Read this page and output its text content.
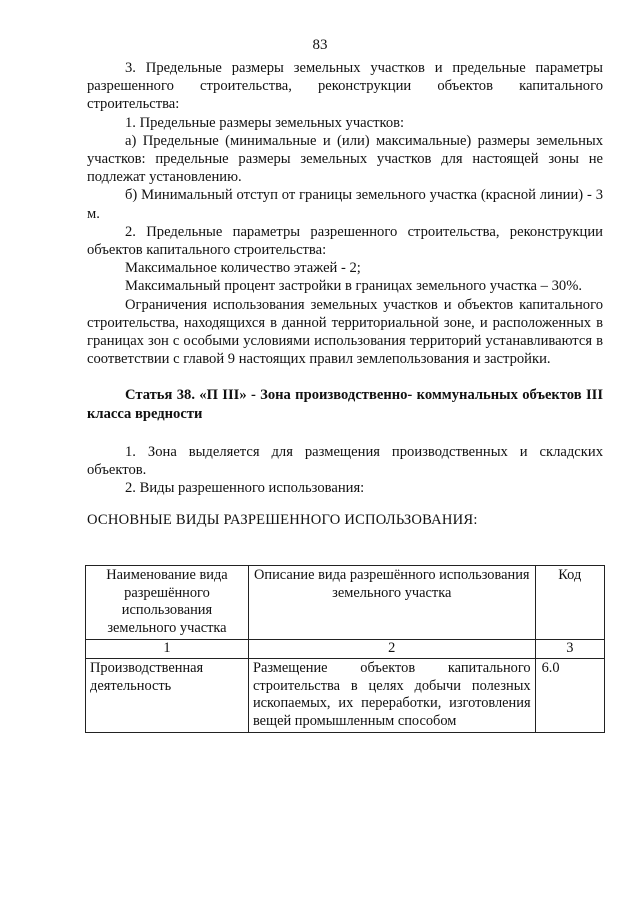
83

3. Предельные размеры земельных участков и предельные параметры разрешенного строительства, реконструкции объектов капитального строительства:

1. Предельные размеры земельных участков:

а) Предельные (минимальные и (или) максимальные) размеры земельных участков: предельные размеры земельных участков для настоящей зоны не подлежат установлению.

б) Минимальный отступ от границы земельного участка (красной линии) - 3 м.

2. Предельные параметры разрешенного строительства, реконструкции объектов капитального строительства:

Максимальное количество этажей - 2;

Максимальный процент застройки в границах земельного участка – 30%.

Ограничения использования земельных участков и объектов капитального строительства, находящихся в данной территориальной зоне, и расположенных в границах зон с особыми условиями использования территорий устанавливаются в соответствии с главой 9 настоящих правил землепользования и застройки.

Статья 38. «П III» - Зона производственно- коммунальных объектов III класса вредности

1. Зона выделяется для размещения производственных и складских объектов.

2. Виды разрешенного использования:

ОСНОВНЫЕ ВИДЫ РАЗРЕШЕННОГО ИСПОЛЬЗОВАНИЯ:

Наименование вида разрешённого использования земельного участка	Описание вида разрешённого использования земельного участка	Код
1	2	3
Производственная деятельность	Размещение объектов капитального строительства в целях добычи полезных ископаемых, их переработки, изготовления вещей промышленным способом	6.0
